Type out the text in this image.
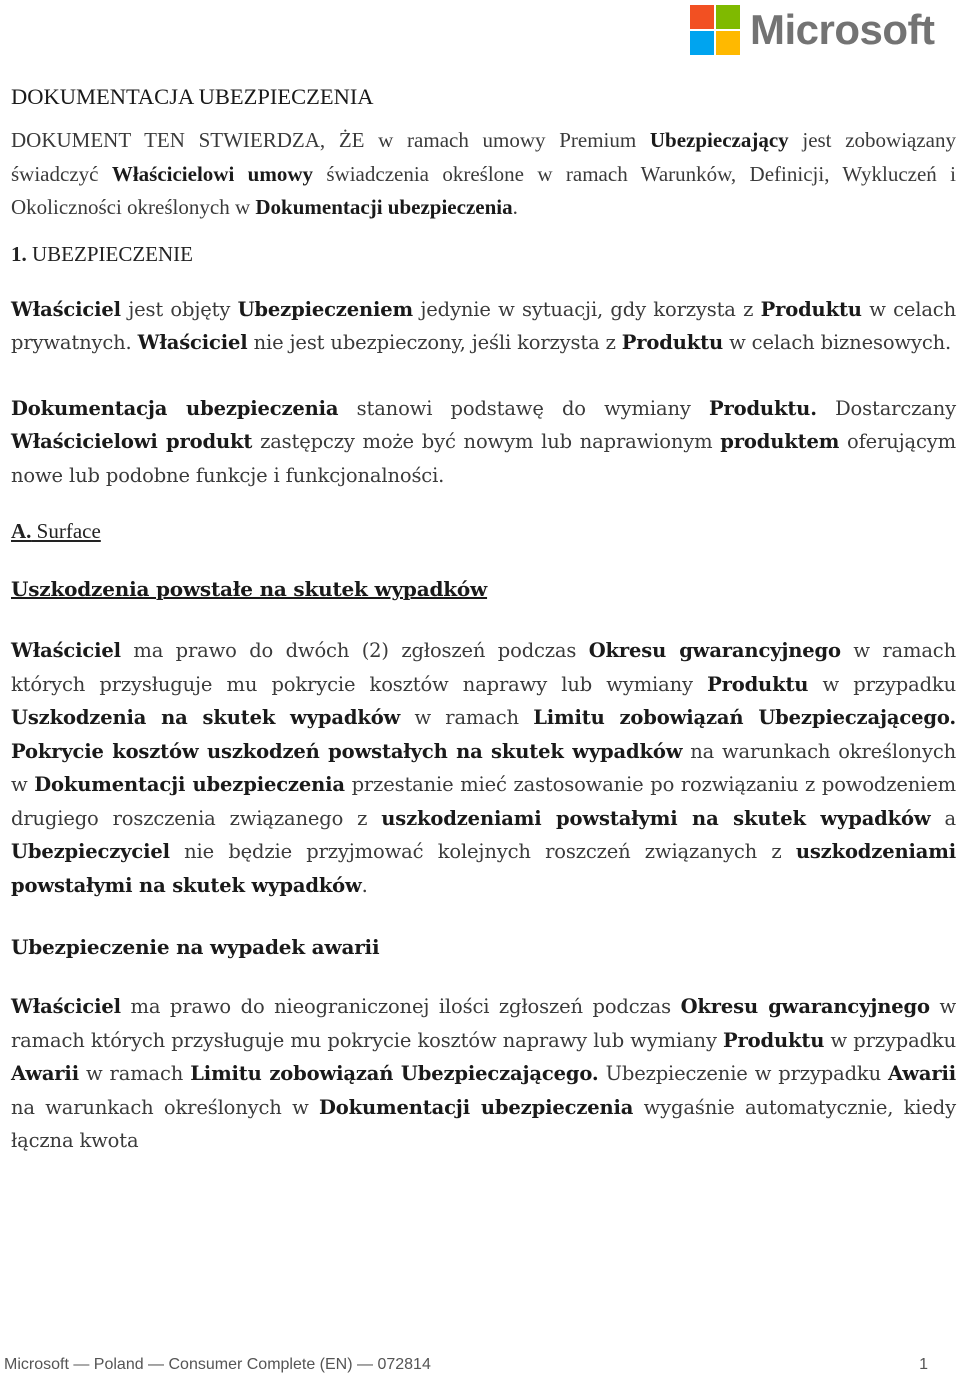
Microsoft
DOKUMENTACJA UBEZPIECZENIA

DOKUMENT TEN STWIERDZA, ŻE w ramach umowy Premium Ubezpieczający jest zobowiązany świadczyć Właścicielowi umowy świadczenia określone w ramach Warunków, Definicji, Wykluczeń i Okoliczności określonych w Dokumentacji ubezpieczenia.

1. UBEZPIECZENIE

Właściciel jest objęty Ubezpieczeniem jedynie w sytuacji, gdy korzysta z Produktu w celach prywatnych. Właściciel nie jest ubezpieczony, jeśli korzysta z Produktu w celach biznesowych.

Dokumentacja ubezpieczenia stanowi podstawę do wymiany Produktu. Dostarczany Właścicielowi produkt zastępczy może być nowym lub naprawionym produktem oferującym nowe lub podobne funkcje i funkcjonalności.

A. Surface
Uszkodzenia powstałe na skutek wypadków

Właściciel ma prawo do dwóch (2) zgłoszeń podczas Okresu gwarancyjnego w ramach których przysługuje mu pokrycie kosztów naprawy lub wymiany Produktu w przypadku Uszkodzenia na skutek wypadków w ramach Limitu zobowiązań Ubezpieczającego. Pokrycie kosztów uszkodzeń powstałych na skutek wypadków na warunkach określonych w Dokumentacji ubezpieczenia przestanie mieć zastosowanie po rozwiązaniu z powodzeniem drugiego roszczenia związanego z uszkodzeniami powstałymi na skutek wypadków a Ubezpieczyciel nie będzie przyjmować kolejnych roszczeń związanych z uszkodzeniami powstałymi na skutek wypadków.

Ubezpieczenie na wypadek awarii

Właściciel ma prawo do nieograniczonej ilości zgłoszeń podczas Okresu gwarancyjnego w ramach których przysługuje mu pokrycie kosztów naprawy lub wymiany Produktu w przypadku Awarii w ramach Limitu zobowiązań Ubezpieczającego. Ubezpieczenie w przypadku Awarii na warunkach określonych w Dokumentacji ubezpieczenia wygaśnie automatycznie, kiedy łączna kwota

Microsoft — Poland — Consumer Complete (EN) — 072814	1
